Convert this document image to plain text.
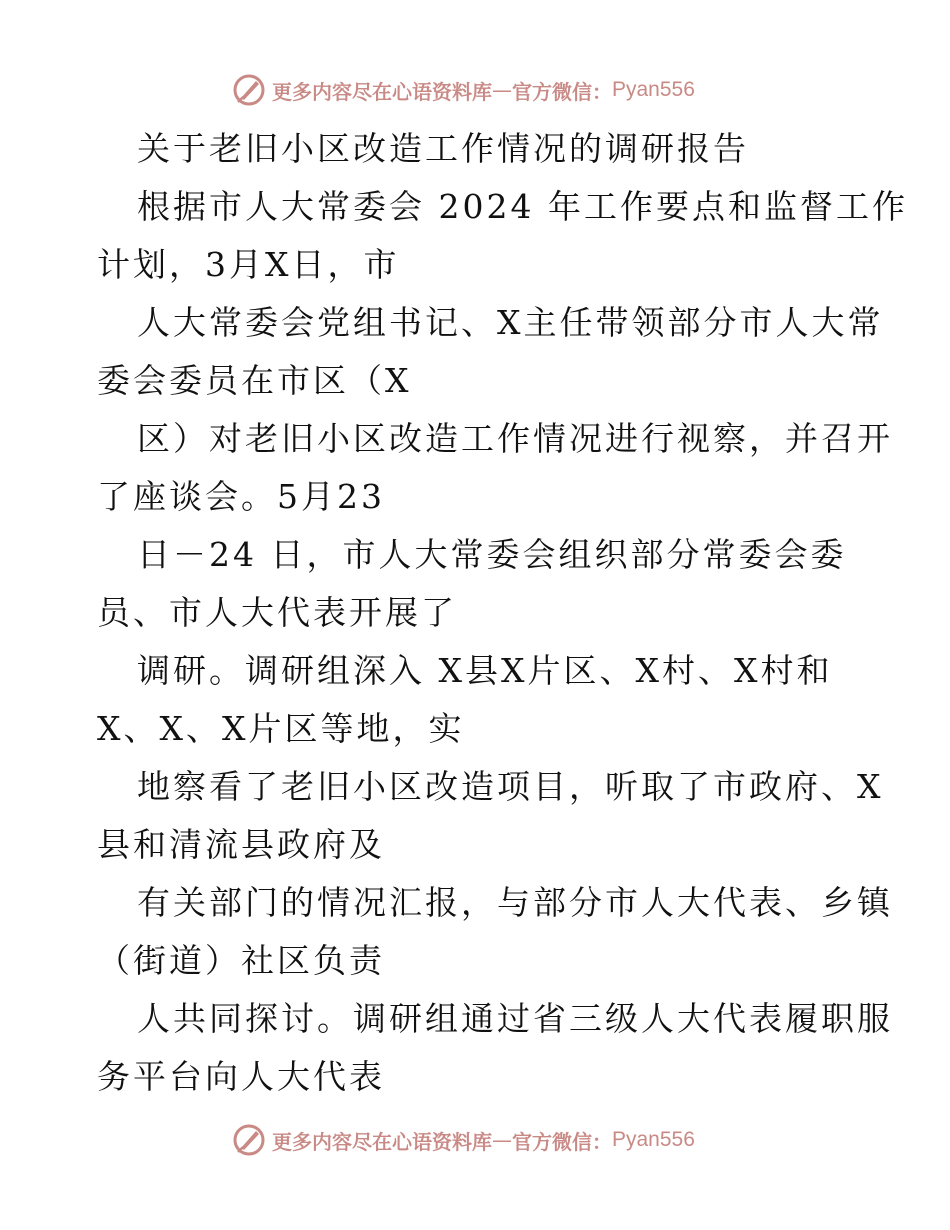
更多内容尽在心语资料库 — 官方微信： Pyan556
关于老旧小区改造工作情况的调研报告
根据市人大常委会 2024 年工作要点和监督工作
计划，3月X日，市
人大常委会党组书记、X主任带领部分市人大常
委会委员在市区（X
区）对老旧小区改造工作情况进行视察，并召开
了座谈会。5月23
日－24 日，市人大常委会组织部分常委会委
员、市人大代表开展了
调研。调研组深入 X县X片区、X村、X村和
X、X、X片区等地，实
地察看了老旧小区改造项目，听取了市政府、X
县和清流县政府及
有关部门的情况汇报，与部分市人大代表、乡镇
（街道）社区负责
人共同探讨。调研组通过省三级人大代表履职服
务平台向人大代表
更多内容尽在心语资料库 — 官方微信： Pyan556
